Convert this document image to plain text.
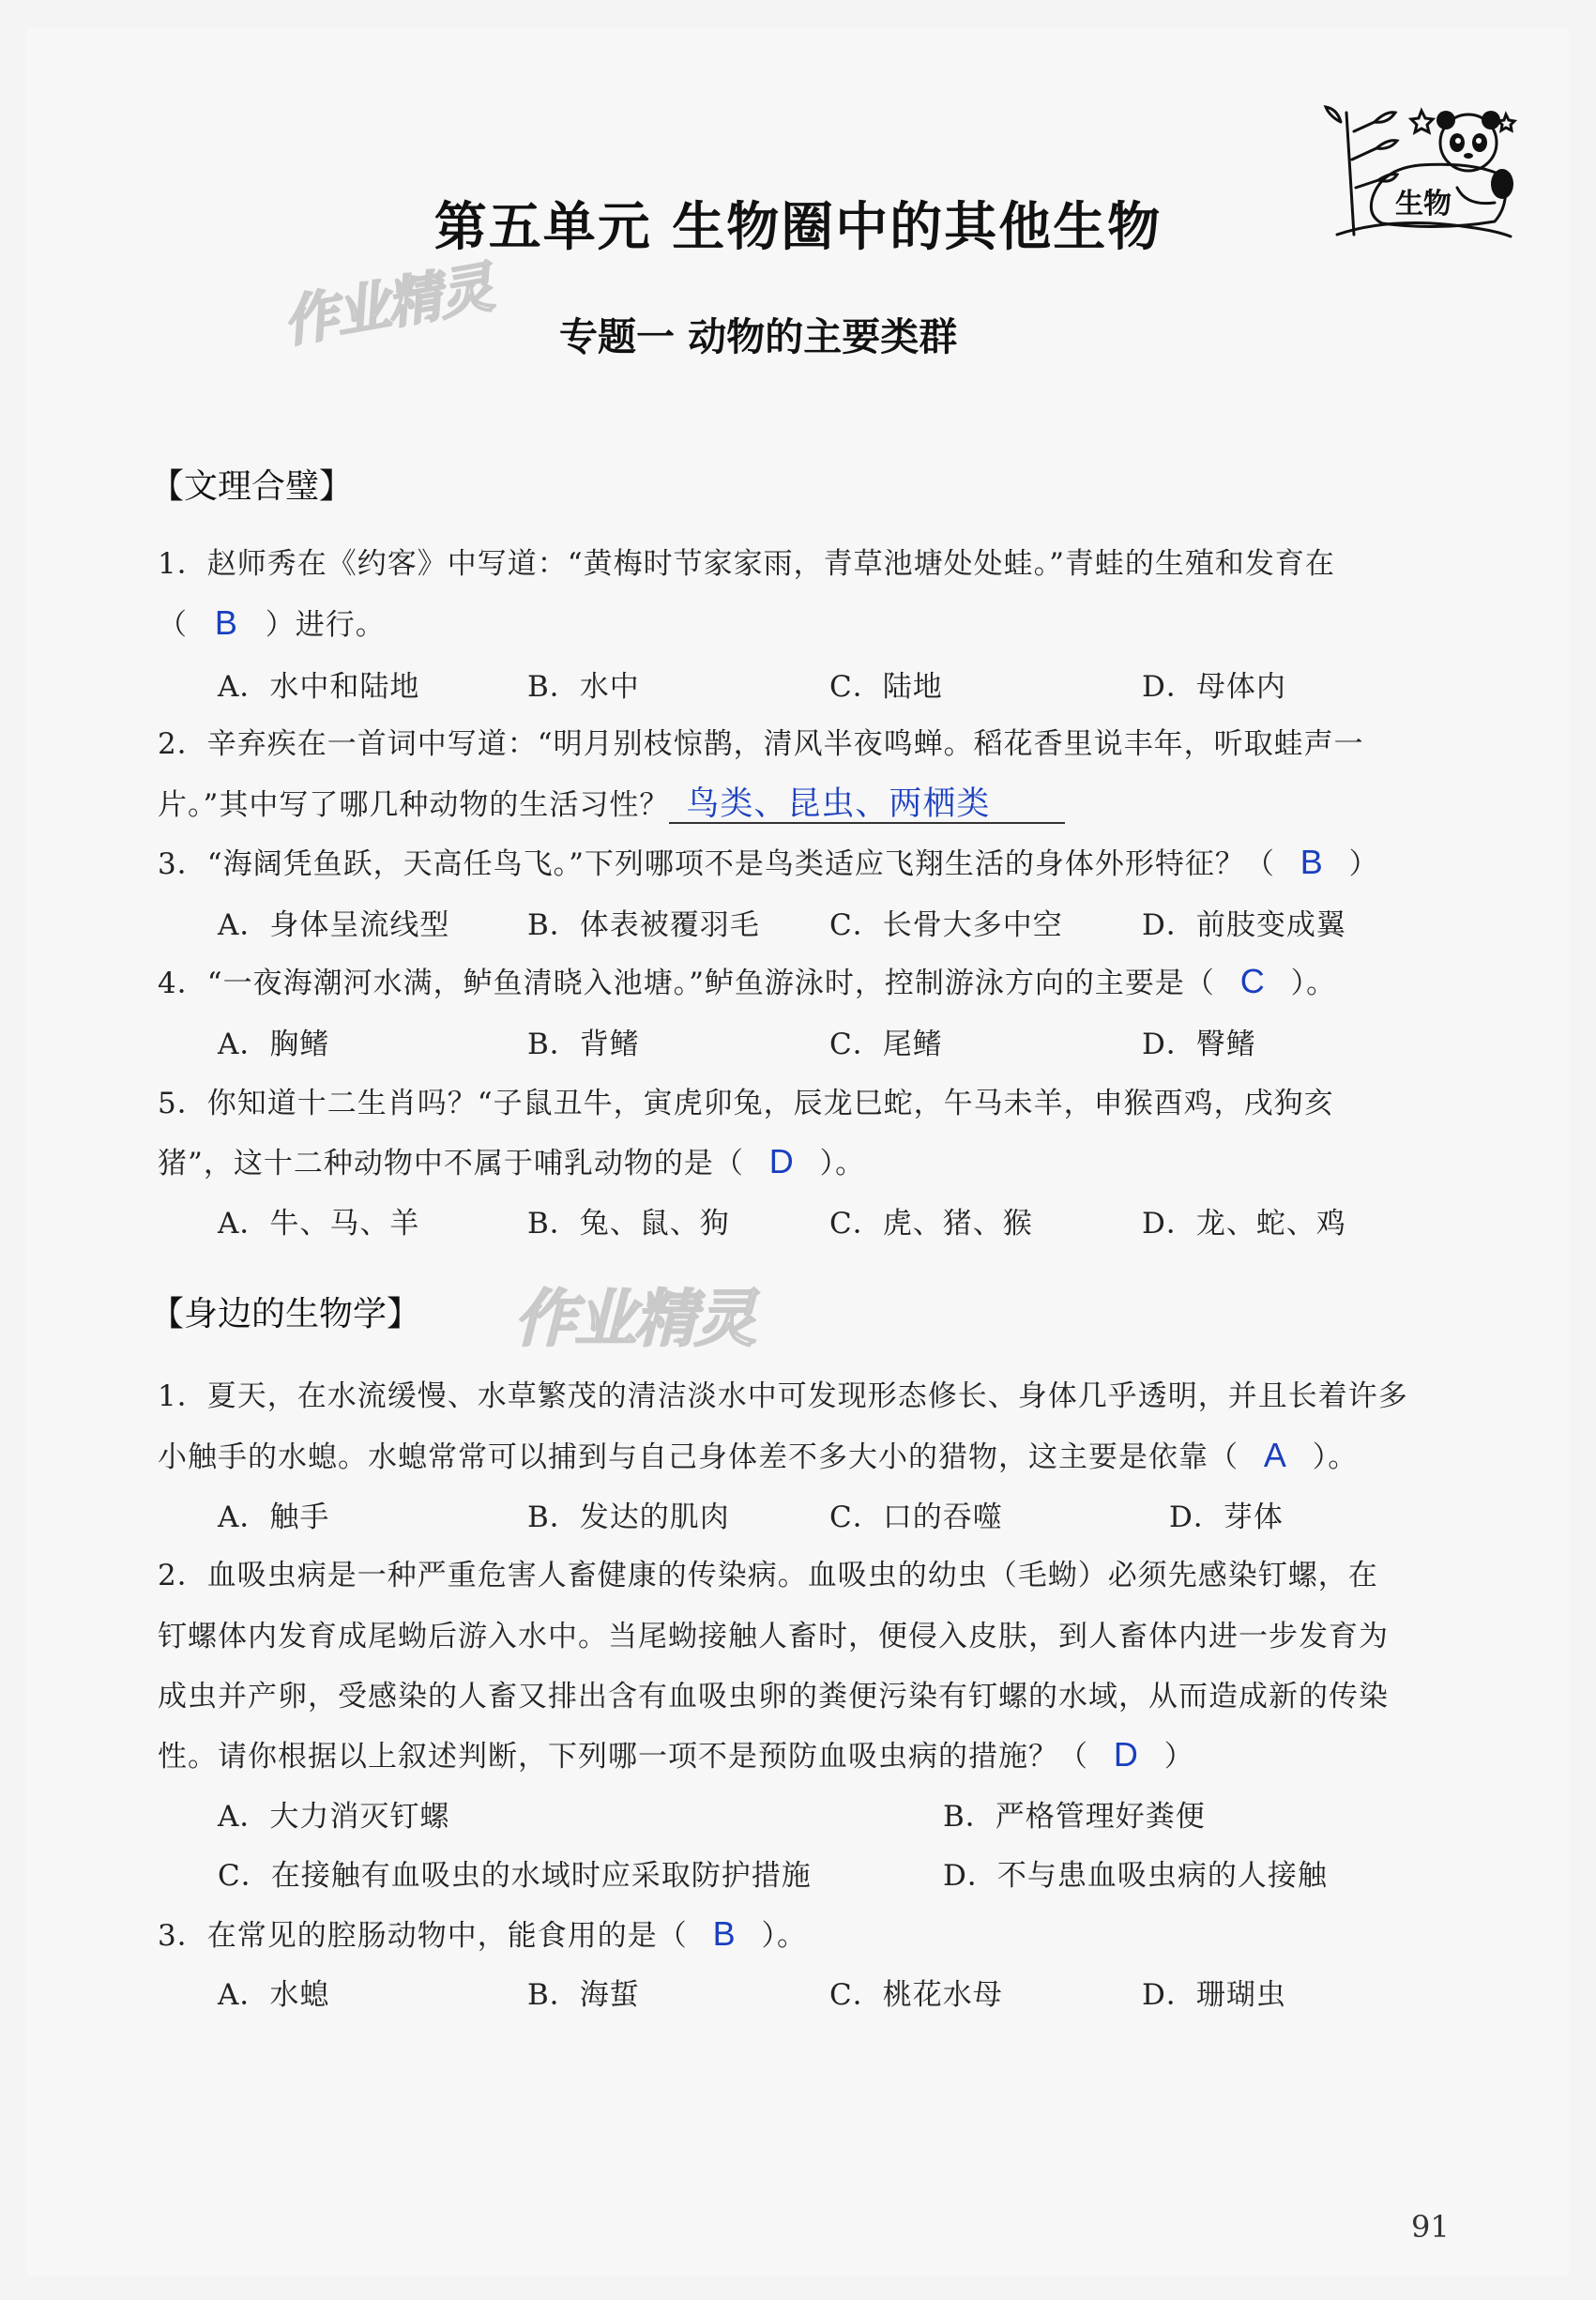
作业精灵
作业精灵
生物
第五单元 生物圈中的其他生物
专题一 动物的主要类群
【文理合璧】
1．赵师秀在《约客》中写道：“黄梅时节家家雨，青草池塘处处蛙。”青蛙的生殖和发育在
（ B ）进行。
A．水中和陆地	B．水中	C．陆地	D．母体内
2．辛弃疾在一首词中写道：“明月别枝惊鹊，清风半夜鸣蝉。稻花香里说丰年，听取蛙声一
片。”其中写了哪几种动物的生活习性？ 鸟类、昆虫、两栖类
3．“海阔凭鱼跃，天高任鸟飞。”下列哪项不是鸟类适应飞翔生活的身体外形特征？（ B ）
A．身体呈流线型	B．体表被覆羽毛 C．长骨大多中空	D．前肢变成翼
4．“一夜海潮河水满，鲈鱼清晓入池塘。”鲈鱼游泳时，控制游泳方向的主要是（ C ）。
A．胸鳍	B．背鳍	C．尾鳍	D．臀鳍
5．你知道十二生肖吗？“子鼠丑牛，寅虎卯兔，辰龙巳蛇，午马未羊，申猴酉鸡，戌狗亥
猪”，这十二种动物中不属于哺乳动物的是（ D ）。
A．牛、马、羊	B．兔、鼠、狗	C．虎、猪、猴	D．龙、蛇、鸡
【身边的生物学】
1．夏天，在水流缓慢、水草繁茂的清洁淡水中可发现形态修长、身体几乎透明，并且长着许多
小触手的水螅。水螅常常可以捕到与自己身体差不多大小的猎物，这主要是依靠（ A ）。
A．触手	B．发达的肌肉	C．口的吞噬	D．芽体
2．血吸虫病是一种严重危害人畜健康的传染病。血吸虫的幼虫（毛蚴）必须先感染钉螺，在
钉螺体内发育成尾蚴后游入水中。当尾蚴接触人畜时，便侵入皮肤，到人畜体内进一步发育为
成虫并产卵，受感染的人畜又排出含有血吸虫卵的粪便污染有钉螺的水域，从而造成新的传染
性。请你根据以上叙述判断，下列哪一项不是预防血吸虫病的措施？（ D ）
A．大力消灭钉螺	B．严格管理好粪便
C．在接触有血吸虫的水域时应采取防护措施	D．不与患血吸虫病的人接触
3．在常见的腔肠动物中，能食用的是（ B ）。
A．水螅	B．海蜇	C．桃花水母	D．珊瑚虫
91
